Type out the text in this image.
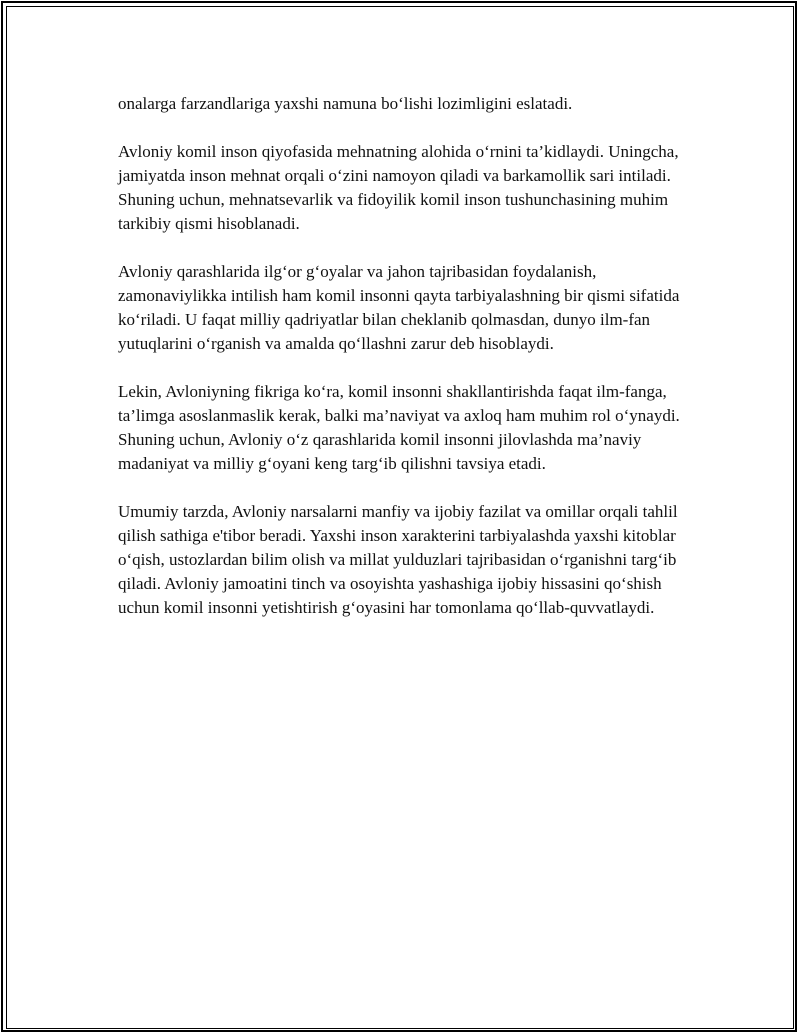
onalarga farzandlariga yaxshi namuna bo‘lishi lozimligini eslatadi.

Avloniy komil inson qiyofasida mehnatning alohida o‘rnini ta’kidlaydi. Uningcha, jamiyatda inson mehnat orqali o‘zini namoyon qiladi va barkamollik sari intiladi. Shuning uchun, mehnatsevarlik va fidoyilik komil inson tushunchasining muhim tarkibiy qismi hisoblanadi.

Avloniy qarashlarida ilg‘or g‘oyalar va jahon tajribasidan foydalanish, zamonaviylikka intilish ham komil insonni qayta tarbiyalashning bir qismi sifatida ko‘riladi. U faqat milliy qadriyatlar bilan cheklanib qolmasdan, dunyo ilm-fan yutuqlarini o‘rganish va amalda qo‘llashni zarur deb hisoblaydi.

Lekin, Avloniyning fikriga ko‘ra, komil insonni shakllantirishda faqat ilm-fanga, ta’limga asoslanmaslik kerak, balki ma’naviyat va axloq ham muhim rol o‘ynaydi. Shuning uchun, Avloniy o‘z qarashlarida komil insonni jilovlashda ma’naviy madaniyat va milliy g‘oyani keng targ‘ib qilishni tavsiya etadi.

Umumiy tarzda, Avloniy narsalarni manfiy va ijobiy fazilat va omillar orqali tahlil qilish sathiga e'tibor beradi. Yaxshi inson xarakterini tarbiyalashda yaxshi kitoblar o‘qish, ustozlardan bilim olish va millat yulduzlari tajribasidan o‘rganishni targ‘ib qiladi. Avloniy jamoatini tinch va osoyishta yashashiga ijobiy hissasini qo‘shish uchun komil insonni yetishtirish g‘oyasini har tomonlama qo‘llab-quvvatlaydi.
